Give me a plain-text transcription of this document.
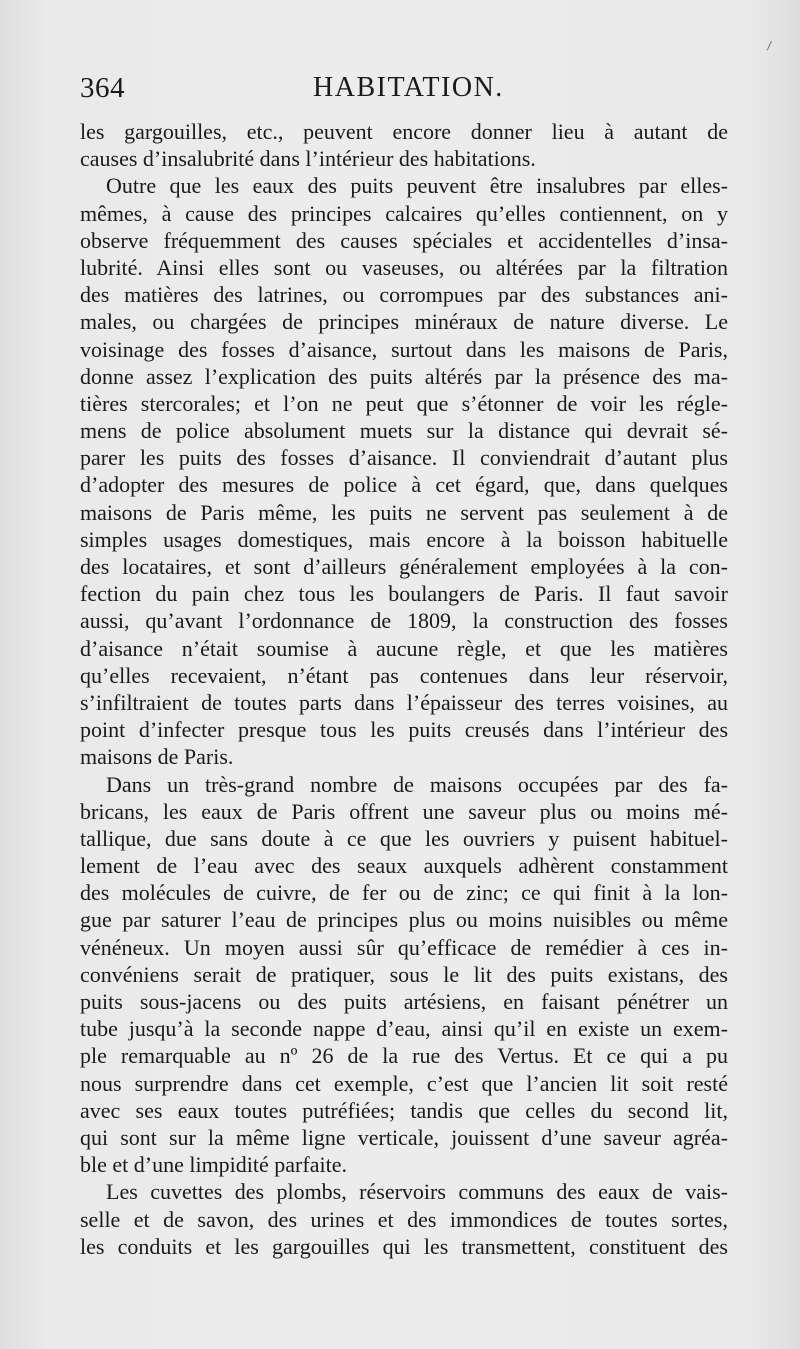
364	HABITATION.
les gargouilles, etc., peuvent encore donner lieu à autant de
causes d’insalubrité dans l’intérieur des habitations.
Outre que les eaux des puits peuvent être insalubres par elles-
mêmes, à cause des principes calcaires qu’elles contiennent, on y
observe fréquemment des causes spéciales et accidentelles d’insa-
lubrité. Ainsi elles sont ou vaseuses, ou altérées par la filtration
des matières des latrines, ou corrompues par des substances ani-
males, ou chargées de principes minéraux de nature diverse. Le
voisinage des fosses d’aisance, surtout dans les maisons de Paris,
donne assez l’explication des puits altérés par la présence des ma-
tières stercorales; et l’on ne peut que s’étonner de voir les régle-
mens de police absolument muets sur la distance qui devrait sé-
parer les puits des fosses d’aisance. Il conviendrait d’autant plus
d’adopter des mesures de police à cet égard, que, dans quelques
maisons de Paris même, les puits ne servent pas seulement à de
simples usages domestiques, mais encore à la boisson habituelle
des locataires, et sont d’ailleurs généralement employées à la con-
fection du pain chez tous les boulangers de Paris. Il faut savoir
aussi, qu’avant l’ordonnance de 1809, la construction des fosses
d’aisance n’était soumise à aucune règle, et que les matières
qu’elles recevaient, n’étant pas contenues dans leur réservoir,
s’infiltraient de toutes parts dans l’épaisseur des terres voisines, au
point d’infecter presque tous les puits creusés dans l’intérieur des
maisons de Paris.
Dans un très-grand nombre de maisons occupées par des fa-
bricans, les eaux de Paris offrent une saveur plus ou moins mé-
tallique, due sans doute à ce que les ouvriers y puisent habituel-
lement de l’eau avec des seaux auxquels adhèrent constamment
des molécules de cuivre, de fer ou de zinc; ce qui finit à la lon-
gue par saturer l’eau de principes plus ou moins nuisibles ou même
vénéneux. Un moyen aussi sûr qu’efficace de remédier à ces in-
convéniens serait de pratiquer, sous le lit des puits existans, des
puits sous-jacens ou des puits artésiens, en faisant pénétrer un
tube jusqu’à la seconde nappe d’eau, ainsi qu’il en existe un exem-
ple remarquable au nº 26 de la rue des Vertus. Et ce qui a pu
nous surprendre dans cet exemple, c’est que l’ancien lit soit resté
avec ses eaux toutes putréfiées; tandis que celles du second lit,
qui sont sur la même ligne verticale, jouissent d’une saveur agréa-
ble et d’une limpidité parfaite.
Les cuvettes des plombs, réservoirs communs des eaux de vais-
selle et de savon, des urines et des immondices de toutes sortes,
les conduits et les gargouilles qui les transmettent, constituent des
